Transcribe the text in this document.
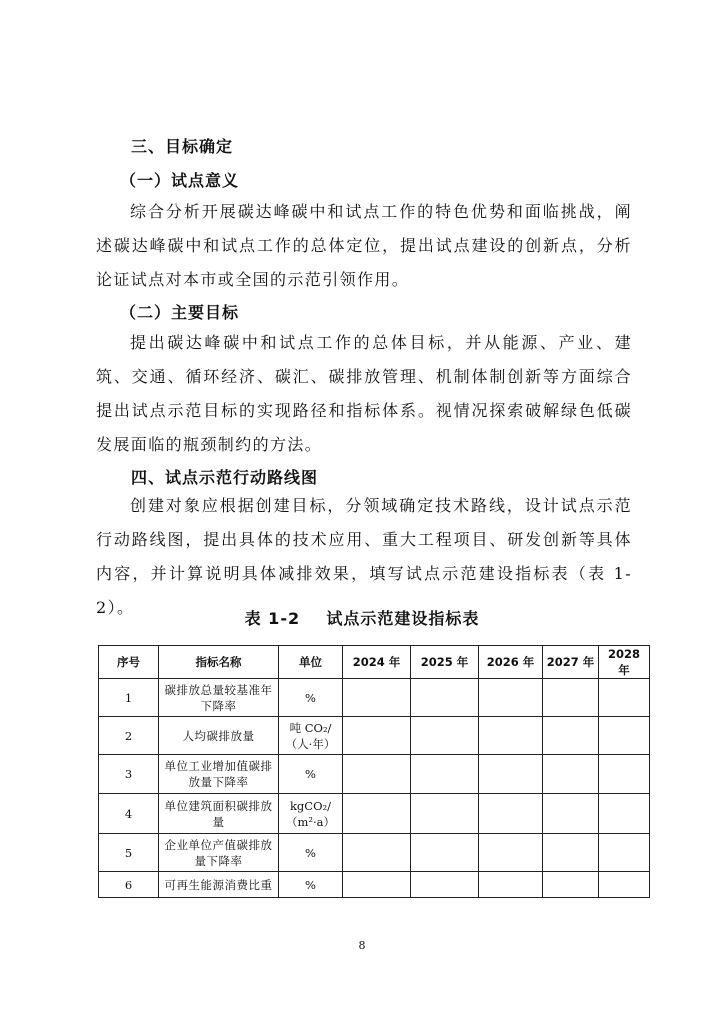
三、目标确定
（一）试点意义
综合分析开展碳达峰碳中和试点工作的特色优势和面临挑战，阐述碳达峰碳中和试点工作的总体定位，提出试点建设的创新点，分析论证试点对本市或全国的示范引领作用。
（二）主要目标
提出碳达峰碳中和试点工作的总体目标，并从能源、产业、建筑、交通、循环经济、碳汇、碳排放管理、机制体制创新等方面综合提出试点示范目标的实现路径和指标体系。视情况探索破解绿色低碳发展面临的瓶颈制约的方法。
四、试点示范行动路线图
创建对象应根据创建目标，分领域确定技术路线，设计试点示范行动路线图，提出具体的技术应用、重大工程项目、研发创新等具体内容，并计算说明具体减排效果，填写试点示范建设指标表（表 1-2）。
表 1-2    试点示范建设指标表
序号	指标名称	单位	2024 年	2025 年	2026 年	2027 年	2028 年
1	碳排放总量较基准年下降率	%					

2	人均碳排放量	吨 CO₂/
（人·年）					

3	单位工业增加值碳排放量下降率	%					

4	单位建筑面积碳排放量	kgCO₂/
（m²·a）					

5	企业单位产值碳排放量下降率	%					

6	可再生能源消费比重	%					

8
